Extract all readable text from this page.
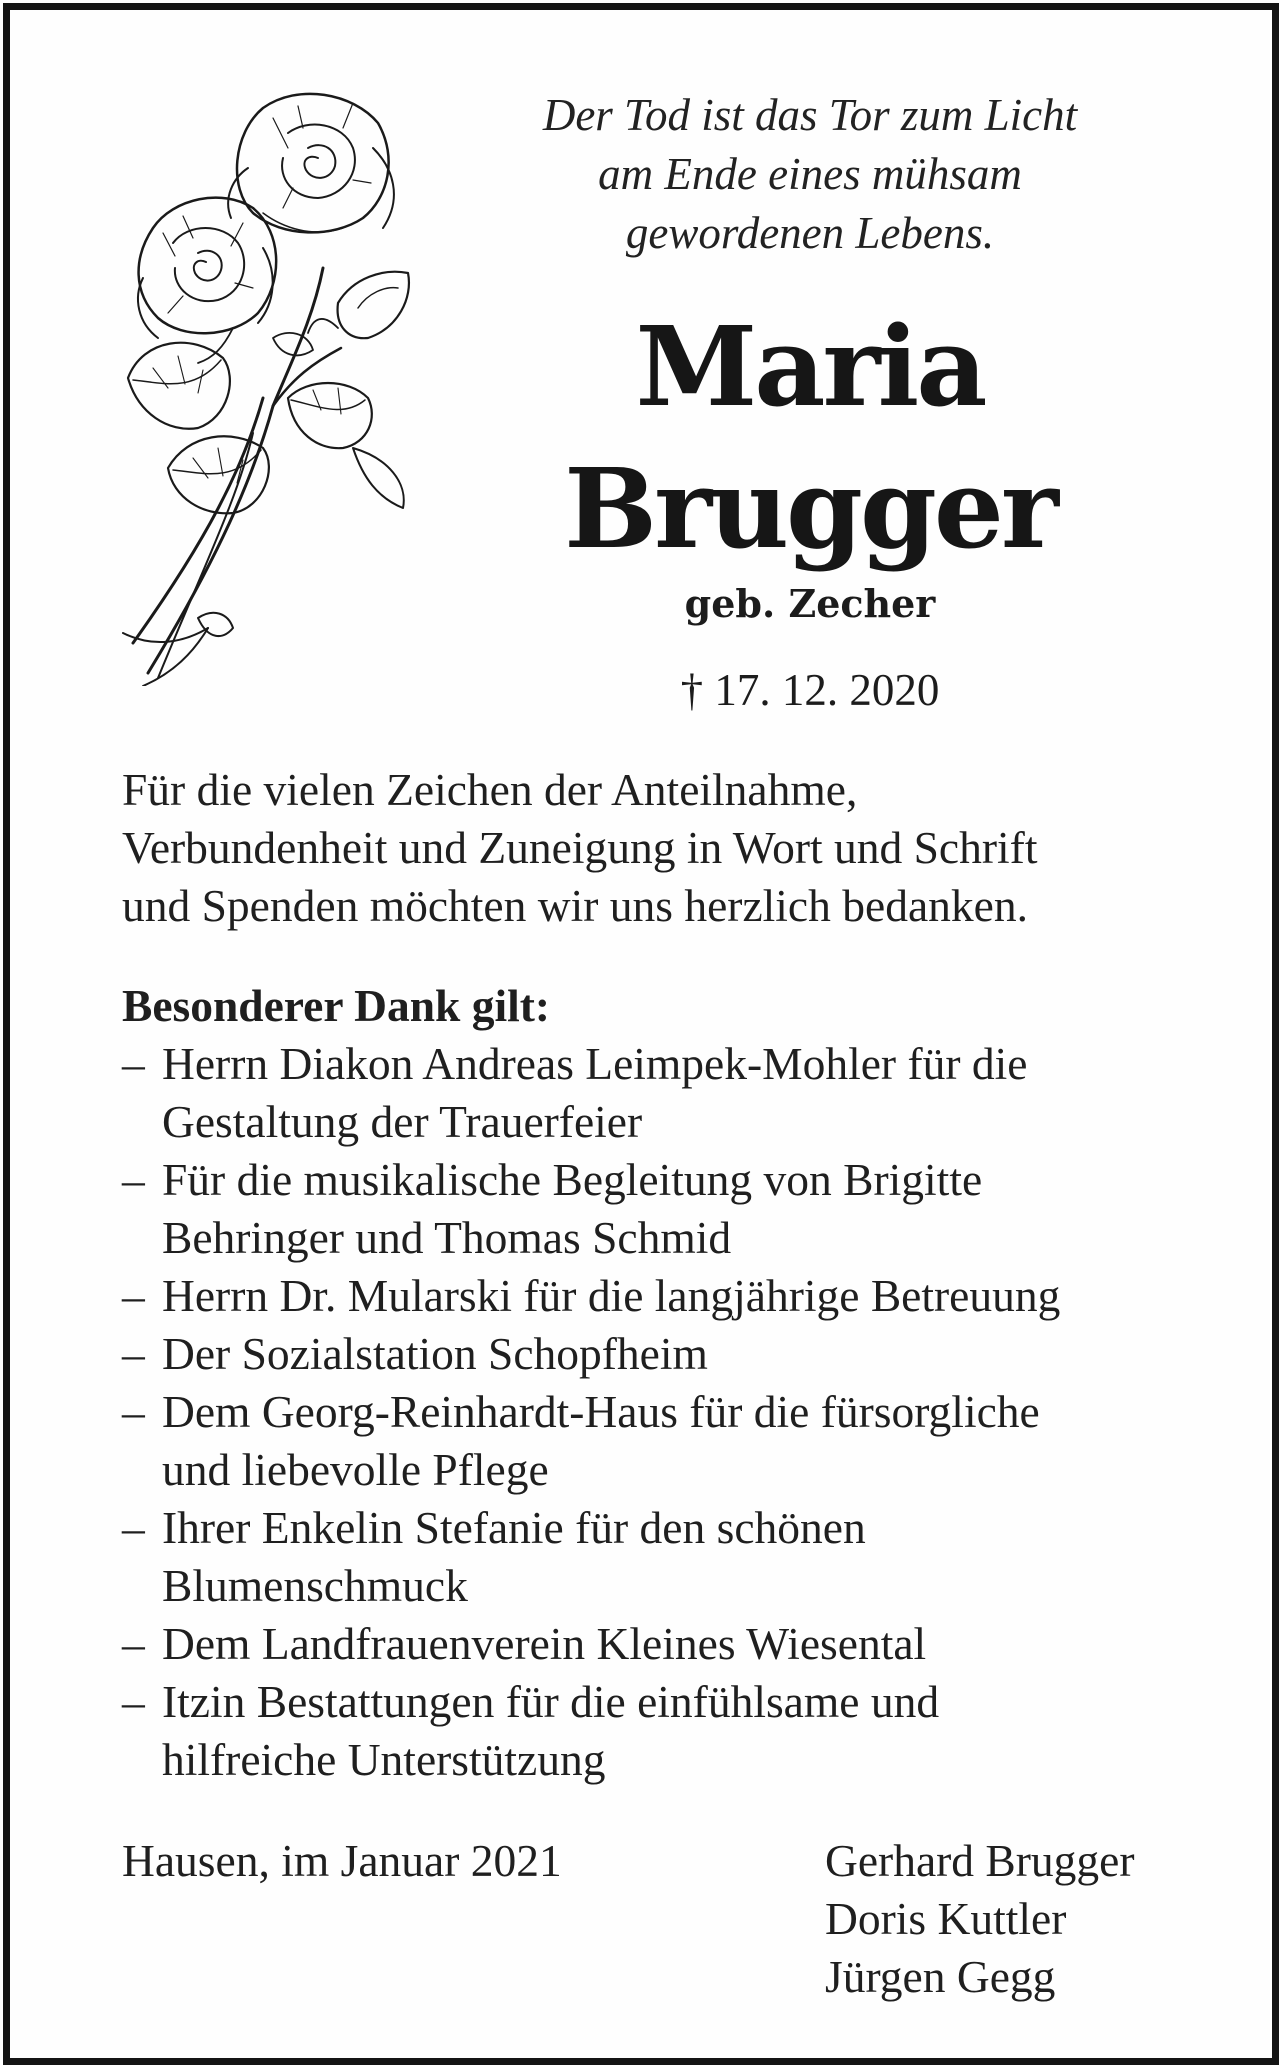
Der Tod ist das Tor zum Licht
am Ende eines mühsam
gewordenen Lebens.
Maria
Brugger
geb. Zecher
† 17. 12. 2020
Für die vielen Zeichen der Anteilnahme,
Verbundenheit und Zuneigung in Wort und Schrift
und Spenden möchten wir uns herzlich bedanken.
Besonderer Dank gilt:
– Herrn Diakon Andreas Leimpek-Mohler für die
Gestaltung der Trauerfeier
– Für die musikalische Begleitung von Brigitte
Behringer und Thomas Schmid
– Herrn Dr. Mularski für die langjährige Betreuung
– Der Sozialstation Schopfheim
– Dem Georg-Reinhardt-Haus für die fürsorgliche
und liebevolle Pflege
– Ihrer Enkelin Stefanie für den schönen
Blumenschmuck
– Dem Landfrauenverein Kleines Wiesental
– Itzin Bestattungen für die einfühlsame und
hilfreiche Unterstützung
Hausen, im Januar 2021	Gerhard Brugger
Doris Kuttler
Jürgen Gegg
